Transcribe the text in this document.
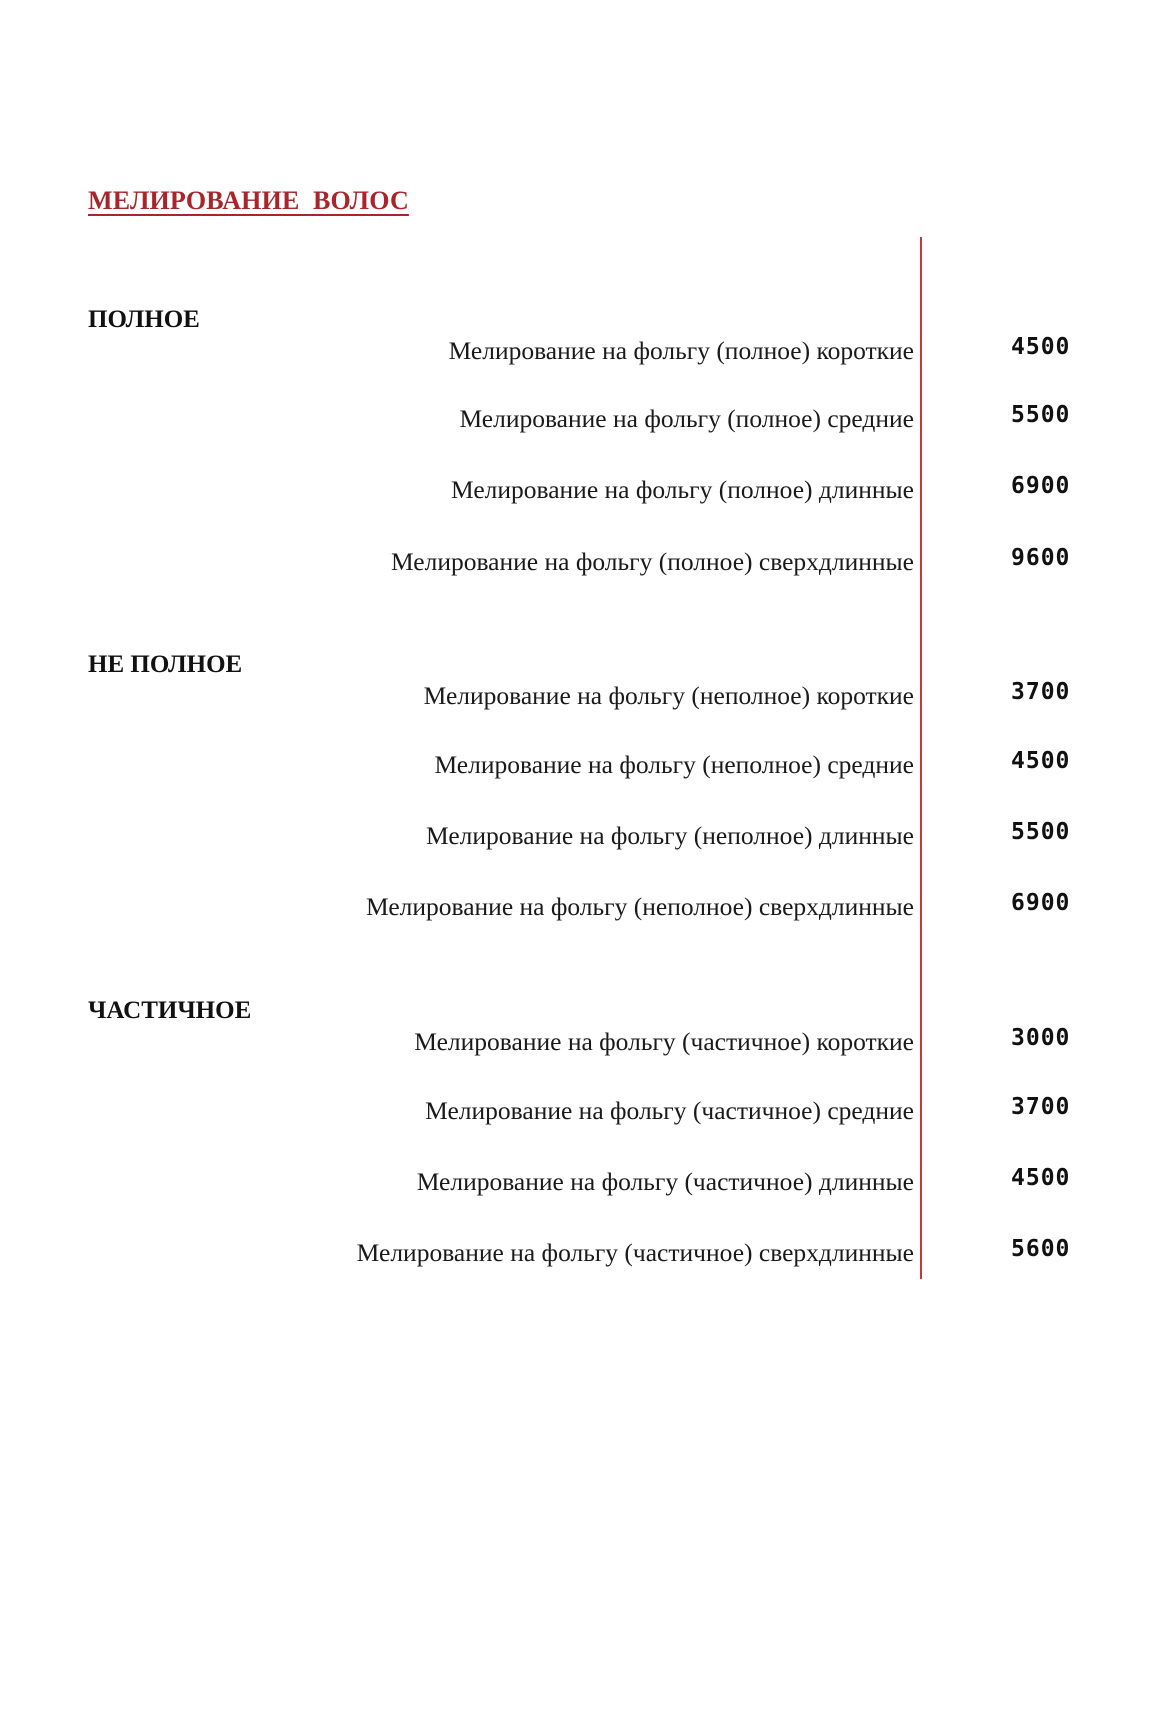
МЕЛИРОВАНИЕ  ВОЛОС
ПОЛНОЕ
Мелирование на фольгу (полное) короткие	4500
Мелирование на фольгу (полное) средние	5500
Мелирование на фольгу (полное) длинные	6900
Мелирование на фольгу (полное) сверхдлинные	9600
НЕ ПОЛНОЕ
Мелирование на фольгу (неполное) короткие	3700
Мелирование на фольгу (неполное) средние	4500
Мелирование на фольгу (неполное) длинные	5500
Мелирование на фольгу (неполное) сверхдлинные	6900
ЧАСТИЧНОЕ
Мелирование на фольгу (частичное) короткие	3000
Мелирование на фольгу (частичное) средние	3700
Мелирование на фольгу (частичное) длинные	4500
Мелирование на фольгу (частичное) сверхдлинные	5600
